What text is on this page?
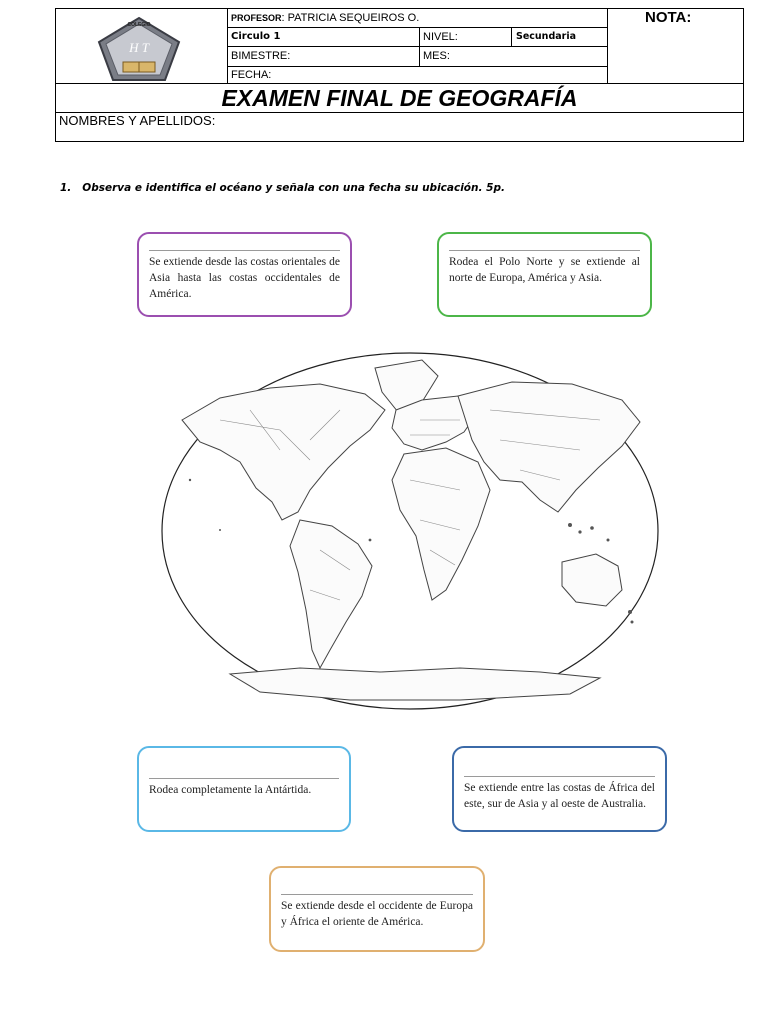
COLEGIO
H T
PROFESOR: PATRICIA SEQUEIROS O.
Circulo 1	NIVEL:	Secundaria
BIMESTRE:	MES:
FECHA:
NOTA:
EXAMEN FINAL DE GEOGRAFÍA
NOMBRES Y APELLIDOS:
1. Observa e identifica el océano y señala con una fecha su ubicación. 5p.
Se extiende desde las costas orientales de Asia hasta las costas occidentales de América.
Rodea el Polo Norte y se extiende al norte de Europa, América y Asia.
Rodea completamente la Antártida.	Se extiende entre las costas de África del este, sur de Asia y al oeste de Australia.
Se extiende desde el occidente de Europa y África el oriente de América.
